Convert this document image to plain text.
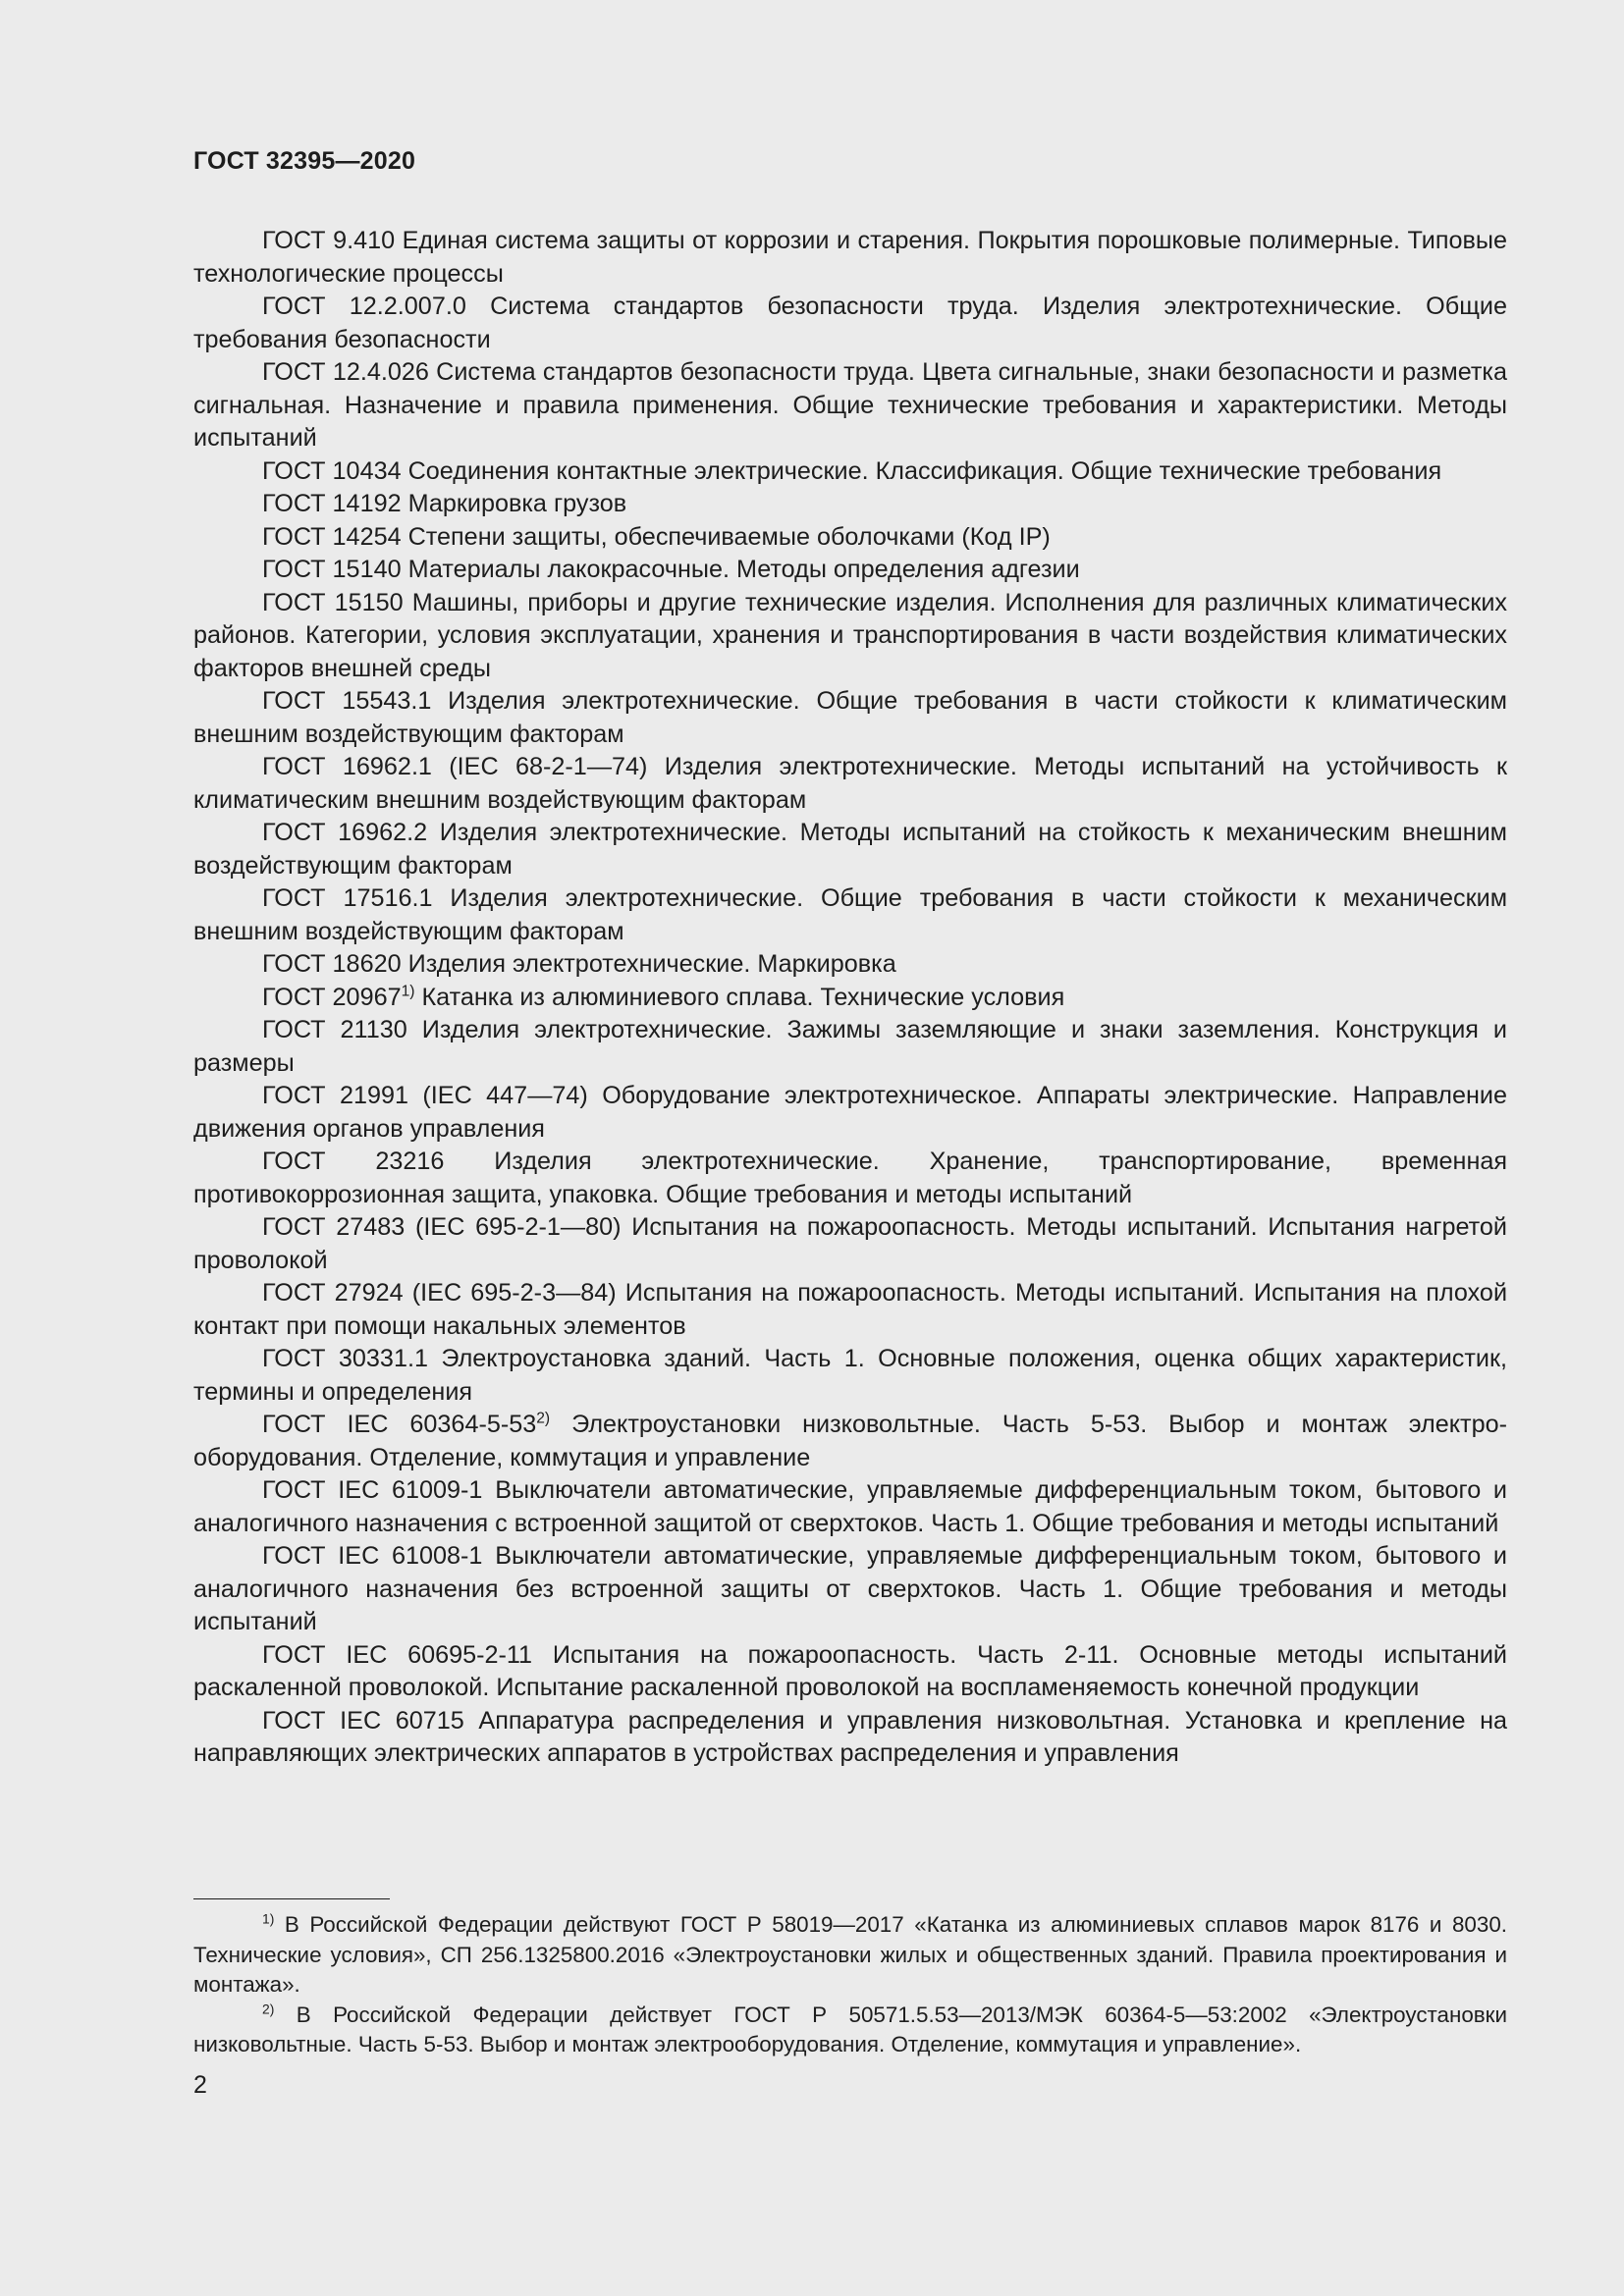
ГОСТ 32395—2020

ГОСТ 9.410 Единая система защиты от коррозии и старения. Покрытия порошковые полимерные. Типовые технологические процессы

ГОСТ 12.2.007.0 Система стандартов безопасности труда. Изделия электротехнические. Общие требования безопасности

ГОСТ 12.4.026 Система стандартов безопасности труда. Цвета сигнальные, знаки безопасности и разметка сигнальная. Назначение и правила применения. Общие технические требования и характеристики. Методы испытаний

ГОСТ 10434 Соединения контактные электрические. Классификация. Общие технические требования

ГОСТ 14192 Маркировка грузов

ГОСТ 14254 Степени защиты, обеспечиваемые оболочками (Код IP)

ГОСТ 15140 Материалы лакокрасочные. Методы определения адгезии

ГОСТ 15150 Машины, приборы и другие технические изделия. Исполнения для различных климатических районов. Категории, условия эксплуатации, хранения и транспортирования в части воздействия климатических факторов внешней среды

ГОСТ 15543.1 Изделия электротехнические. Общие требования в части стойкости к климатическим внешним воздействующим факторам

ГОСТ 16962.1 (IEC 68-2-1—74) Изделия электротехнические. Методы испытаний на устойчивость к климатическим внешним воздействующим факторам

ГОСТ 16962.2 Изделия электротехнические. Методы испытаний на стойкость к механическим внешним воздействующим факторам

ГОСТ 17516.1 Изделия электротехнические. Общие требования в части стойкости к механическим внешним воздействующим факторам

ГОСТ 18620 Изделия электротехнические. Маркировка

ГОСТ 20967$^{1)}$ Катанка из алюминиевого сплава. Технические условия

ГОСТ 21130 Изделия электротехнические. Зажимы заземляющие и знаки заземления. Конструкция и размеры

ГОСТ 21991 (IEC 447—74) Оборудование электротехническое. Аппараты электрические. Направление движения органов управления

ГОСТ 23216 Изделия электротехнические. Хранение, транспортирование, временная противокоррозионная защита, упаковка. Общие требования и методы испытаний

ГОСТ 27483 (IEC 695-2-1—80) Испытания на пожароопасность. Методы испытаний. Испытания нагретой проволокой

ГОСТ 27924 (IEC 695-2-3—84) Испытания на пожароопасность. Методы испытаний. Испытания на плохой контакт при помощи накальных элементов

ГОСТ 30331.1 Электроустановка зданий. Часть 1. Основные положения, оценка общих характеристик, термины и определения

ГОСТ IEC 60364-5-53$^{2)}$ Электроустановки низковольтные. Часть 5-53. Выбор и монтаж электрооборудования. Отделение, коммутация и управление

ГОСТ IEC 61009-1 Выключатели автоматические, управляемые дифференциальным током, бытового и аналогичного назначения с встроенной защитой от сверхтоков. Часть 1. Общие требования и методы испытаний

ГОСТ IEC 61008-1 Выключатели автоматические, управляемые дифференциальным током, бытового и аналогичного назначения без встроенной защиты от сверхтоков. Часть 1. Общие требования и методы испытаний

ГОСТ IEC 60695-2-11 Испытания на пожароопасность. Часть 2-11. Основные методы испытаний раскаленной проволокой. Испытание раскаленной проволокой на воспламеняемость конечной продукции

ГОСТ IEC 60715 Аппаратура распределения и управления низковольтная. Установка и крепление на направляющих электрических аппаратов в устройствах распределения и управления

$^{1)}$ В Российской Федерации действуют ГОСТ Р 58019—2017 «Катанка из алюминиевых сплавов марок 8176 и 8030. Технические условия», СП 256.1325800.2016 «Электроустановки жилых и общественных зданий. Правила проектирования и монтажа».

$^{2)}$ В Российской Федерации действует ГОСТ Р 50571.5.53—2013/МЭК 60364-5—53:2002 «Электроустановки низковольтные. Часть 5-53. Выбор и монтаж электрооборудования. Отделение, коммутация и управление».

2
